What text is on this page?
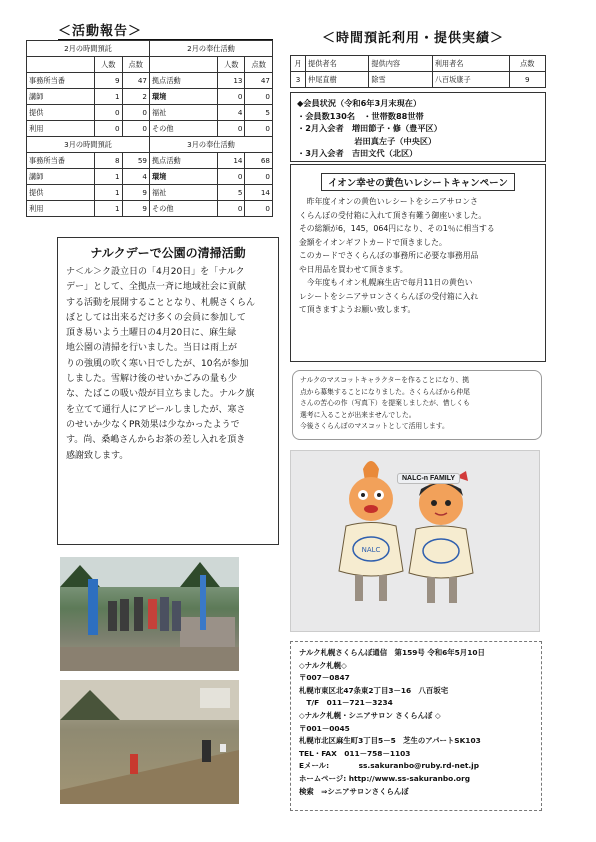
＜活動報告＞
2月の時間預託			2月の奉仕活動		
	人数	点数		人数	点数
事務所当番	9	47	拠点活動	13	47
講師	1	2	環境	0	0
提供	0	0	福祉	4	5
利用	0	0	その他	0	0
3月の時間預託			3月の奉仕活動		
事務所当番	8	59	拠点活動	14	68
講師	1	4	環境	0	0
提供	1	9	福祉	5	14
利用	1	9	その他	0	0
＜時間預託利用・提供実績＞
月	提供者名	提供内容	利用者名	点数
3	仲尾直樹	除雪	八百坂康子	9
◆会員状況（令和6年3月末現在）
・会員数130名　・世帯数88世帯
・2月入会者　増田節子・修（豊平区）
　　　　　　　岩田真左子（中央区）
・3月入会者　吉田文代（北区）
イオン幸せの黄色いレシートキャンペーン
　昨年度イオンの黄色いレシートをシニアサロンさ
くらんぼの受付箱に入れて頂き有難う御座いました。
その総額が6，145，064円になり、その1％に相当する
金額をイオンギフトカードで頂きました。
このカードでさくらんぼの事務所に必要な事務用品
や日用品を買わせて頂きます。
　今年度もイオン札幌麻生店で毎月11日の黄色い
レシートをシニアサロンさくらんぼの受付箱に入れ
て頂きますようお願い致します。
ナルクのマスコットキャラクターを作ることになり、拠
点から募集することになりました。さくらんぼから仲尾
さんの苦心の作（写真下）を提案しましたが、惜しくも
選考に入ることが出来ませんでした。
今後さくらんぼのマスコットとして活用します。
NALC
NALC-n FAMILY
ナルクデーで公園の清掃活動
ナ＜ル＞ク設立日の「4月20日」を「ナルク
デー」として、全拠点一斉に地域社会に貢献
する活動を展開することとなり、札幌さくらん
ぼとしては出来るだけ多くの会員に参加して
頂き易いよう土曜日の4月20日に、麻生緑
地公園の清掃を行いました。当日は雨上が
りの強風の吹く寒い日でしたが、10名が参加
しました。雪解け後のせいかごみの量も少
な、たばこの吸い殻が目立ちました。ナルク旗
を立てて通行人にアピールしましたが、寒さ
のせいか少なくPR効果は少なかったようで
す。尚、桑嶋さんからお茶の差し入れを頂き
感謝致します。
ナルク札幌さくらんぼ通信　第159号 令和6年5月10日
◇ナルク札幌◇
〒007－0847
札幌市東区北47条東2丁目3－16　八百坂宅
　T/F　011－721－3234
◇ナルク札幌・シニアサロン さくらんぼ ◇
〒001－0045
札幌市北区麻生町3丁目5－5　芝生のアパートSK103
TEL・FAX　011－758－1103
Eメール:　　　　ss.sakuranbo@ruby.rd-net.jp
ホームページ: http://www.ss-sakuranbo.org
検索　⇒シニアサロンさくらんぼ
